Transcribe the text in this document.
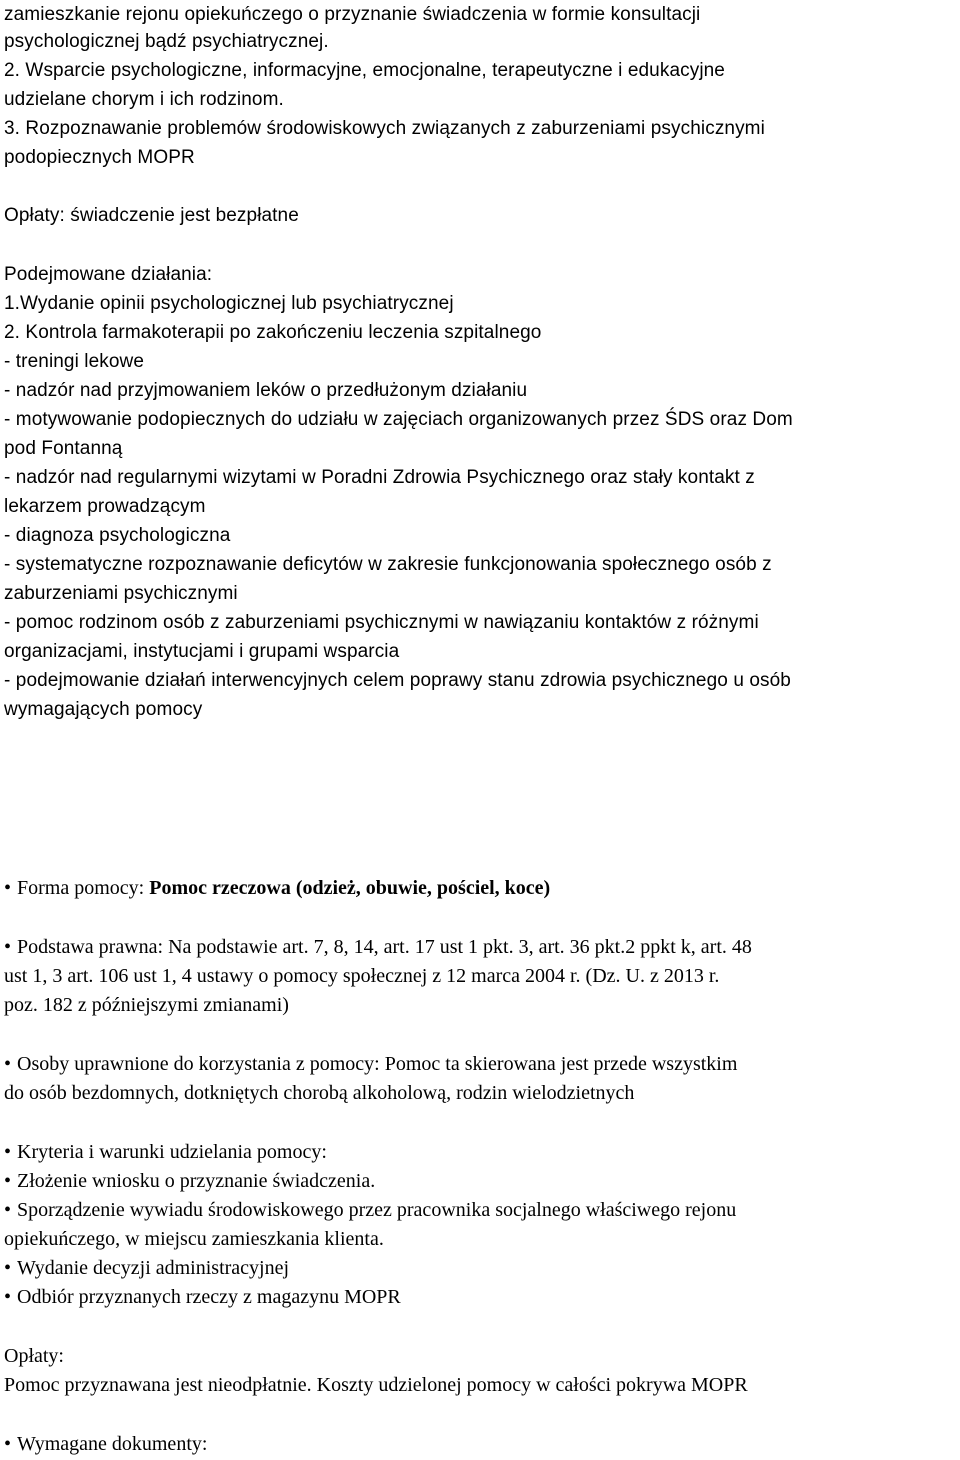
zamieszkanie rejonu opiekuńczego o przyznanie świadczenia w formie konsultacji
psychologicznej bądź psychiatrycznej.
2. Wsparcie psychologiczne, informacyjne, emocjonalne, terapeutyczne i edukacyjne
udzielane chorym i ich rodzinom.
3. Rozpoznawanie problemów środowiskowych związanych z zaburzeniami psychicznymi
podopiecznych MOPR
Opłaty: świadczenie jest bezpłatne
Podejmowane działania:
1.Wydanie opinii psychologicznej lub psychiatrycznej
2. Kontrola farmakoterapii po zakończeniu leczenia szpitalnego
- treningi lekowe
- nadzór nad przyjmowaniem leków o przedłużonym działaniu
- motywowanie podopiecznych do udziału w zajęciach organizowanych przez ŚDS oraz Dom
pod Fontanną
- nadzór nad regularnymi wizytami w Poradni Zdrowia Psychicznego oraz stały kontakt z
lekarzem prowadzącym
- diagnoza psychologiczna
- systematyczne rozpoznawanie deficytów w zakresie funkcjonowania społecznego osób z
zaburzeniami psychicznymi
- pomoc rodzinom osób z zaburzeniami psychicznymi w nawiązaniu kontaktów z różnymi
organizacjami, instytucjami i grupami wsparcia
- podejmowanie działań interwencyjnych celem poprawy stanu zdrowia psychicznego u osób
wymagających pomocy
• Forma pomocy: Pomoc rzeczowa (odzież, obuwie, pościel, koce)
• Podstawa prawna: Na podstawie art. 7, 8, 14, art. 17 ust 1 pkt. 3, art. 36 pkt.2 ppkt k, art. 48
ust 1, 3 art. 106 ust 1, 4 ustawy o pomocy społecznej z 12 marca 2004 r. (Dz. U. z 2013 r.
poz. 182 z późniejszymi zmianami)
• Osoby uprawnione do korzystania z pomocy: Pomoc ta skierowana jest przede wszystkim
do osób bezdomnych, dotkniętych chorobą alkoholową, rodzin wielodzietnych
• Kryteria i warunki udzielania pomocy:
• Złożenie wniosku o przyznanie świadczenia.
• Sporządzenie wywiadu środowiskowego przez pracownika socjalnego właściwego rejonu
opiekuńczego, w miejscu zamieszkania klienta.
• Wydanie decyzji administracyjnej
• Odbiór przyznanych rzeczy z magazynu MOPR
Opłaty:
Pomoc przyznawana jest nieodpłatnie. Koszty udzielonej pomocy w całości pokrywa MOPR
• Wymagane dokumenty:
